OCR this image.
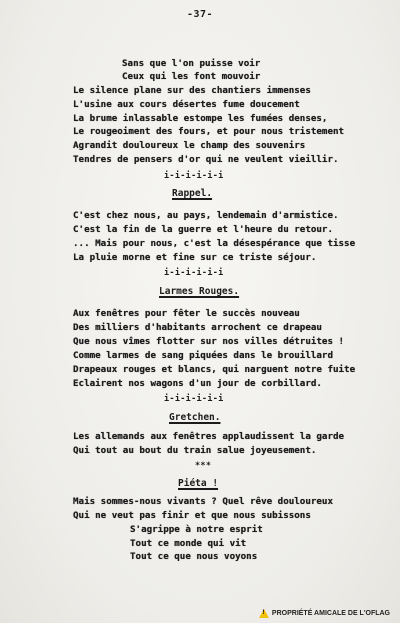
-37-
Sans que l'on puisse voir
Ceux qui les font mouvoir
Le silence plane sur des chantiers immenses
L'usine aux cours désertes fume doucement
La brume inlassable estompe les fumées denses,
Le rougeoiment des fours, et pour nous tristement
Agrandit douloureux le champ des souvenirs
Tendres de pensers d'or qui ne veulent vieillir.
i-i-i-i-i-i
Rappel.
C'est chez nous, au pays, lendemain d'armistice.
C'est la fin de la guerre et l'heure du retour.
... Mais pour nous, c'est la désespérance que tisse
La pluie morne et fine sur ce triste séjour.
i-i-i-i-i-i
Larmes Rouges.
Aux fenêtres pour fêter le succès nouveau
Des milliers d'habitants arrochent ce drapeau
Que nous vîmes flotter sur nos villes détruites !
Comme larmes de sang piquées dans le brouillard
Drapeaux rouges et blancs, qui narguent notre fuite
Eclairent nos wagons d'un jour de corbillard.
i-i-i-i-i-i
Gretchen.
Les allemands aux fenêtres applaudissent la garde
Qui tout au bout du train salue joyeusement.
***
Piéta !
Mais sommes-nous vivants ? Quel rêve douloureux
Qui ne veut pas finir et que nous subissons
S'agrippe à notre esprit
Tout ce monde qui vit
Tout ce que nous voyons
!
PROPRIÉTÉ AMICALE DE L'OFLAG
